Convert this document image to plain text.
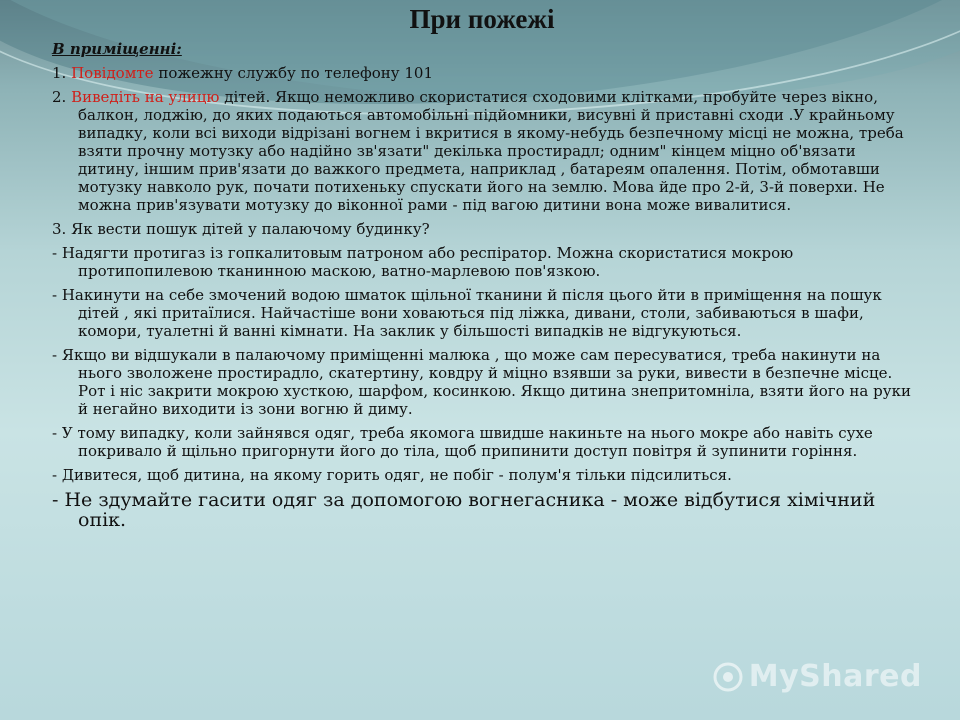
При пожежі
В приміщенні:
1. Повідомте пожежну службу по телефону 101
2. Виведіть на улицю дітей. Якщо неможливо скористатися сходовими клітками, пробуйте через вікно, балкон, лоджію, до яких подаються автомобільні підйомники, висувні й приставні сходи .У крайньому випадку, коли всі виходи відрізані вогнем і вкритися в якому-небудь безпечному місці не можна, треба взяти прочну мотузку або надійно зв'язати" декілька простирадл; одним" кінцем міцно об'вязати дитину, іншим прив'язати до важкого предмета, наприклад , батареям опалення. Потім, обмотавши мотузку навколо рук, почати потихеньку спускати його на землю. Мова йде про 2-й, 3-й поверхи. Не можна прив'язувати мотузку до віконної рами - під вагою дитини вона може вивалитися.
3. Як вести пошук дітей у палаючому будинку?
- Надягти протигаз із гопкалитовым патроном або респіратор. Можна скористатися мокрою протипопилевою тканинною маскою, ватно-марлевою пов'язкою.
- Накинути на себе змочений водою шматок щільної тканини й після цього йти в приміщення на пошук дітей , які притаїлися. Найчастіше вони ховаються під ліжка, дивани, столи, забиваються в шафи, комори, туалетні й ванні кімнати. На заклик у більшості випадків не відгукуються.
- Якщо ви відшукали в палаючому приміщенні малюка , що може сам пересуватися, треба накинути на нього зволожене простирадло, скатертину, ковдру й міцно взявши за руки, вивести в безпечне місце. Рот і ніс закрити мокрою хусткою, шарфом, косинкою. Якщо дитина знепритомніла, взяти його на руки й негайно виходити із зони вогню й диму.
- У тому випадку, коли зайнявся одяг, треба якомога швидше накиньте на нього мокре або навіть сухе покривало й щільно пригорнути його до тіла, щоб припинити доступ повітря й зупинити горіння.
- Дивитеся, щоб дитина, на якому горить одяг, не побіг - полум'я тільки підсилиться.
- Не здумайте гасити одяг за допомогою вогнегасника - може відбутися хімічний опік.
MyShared
